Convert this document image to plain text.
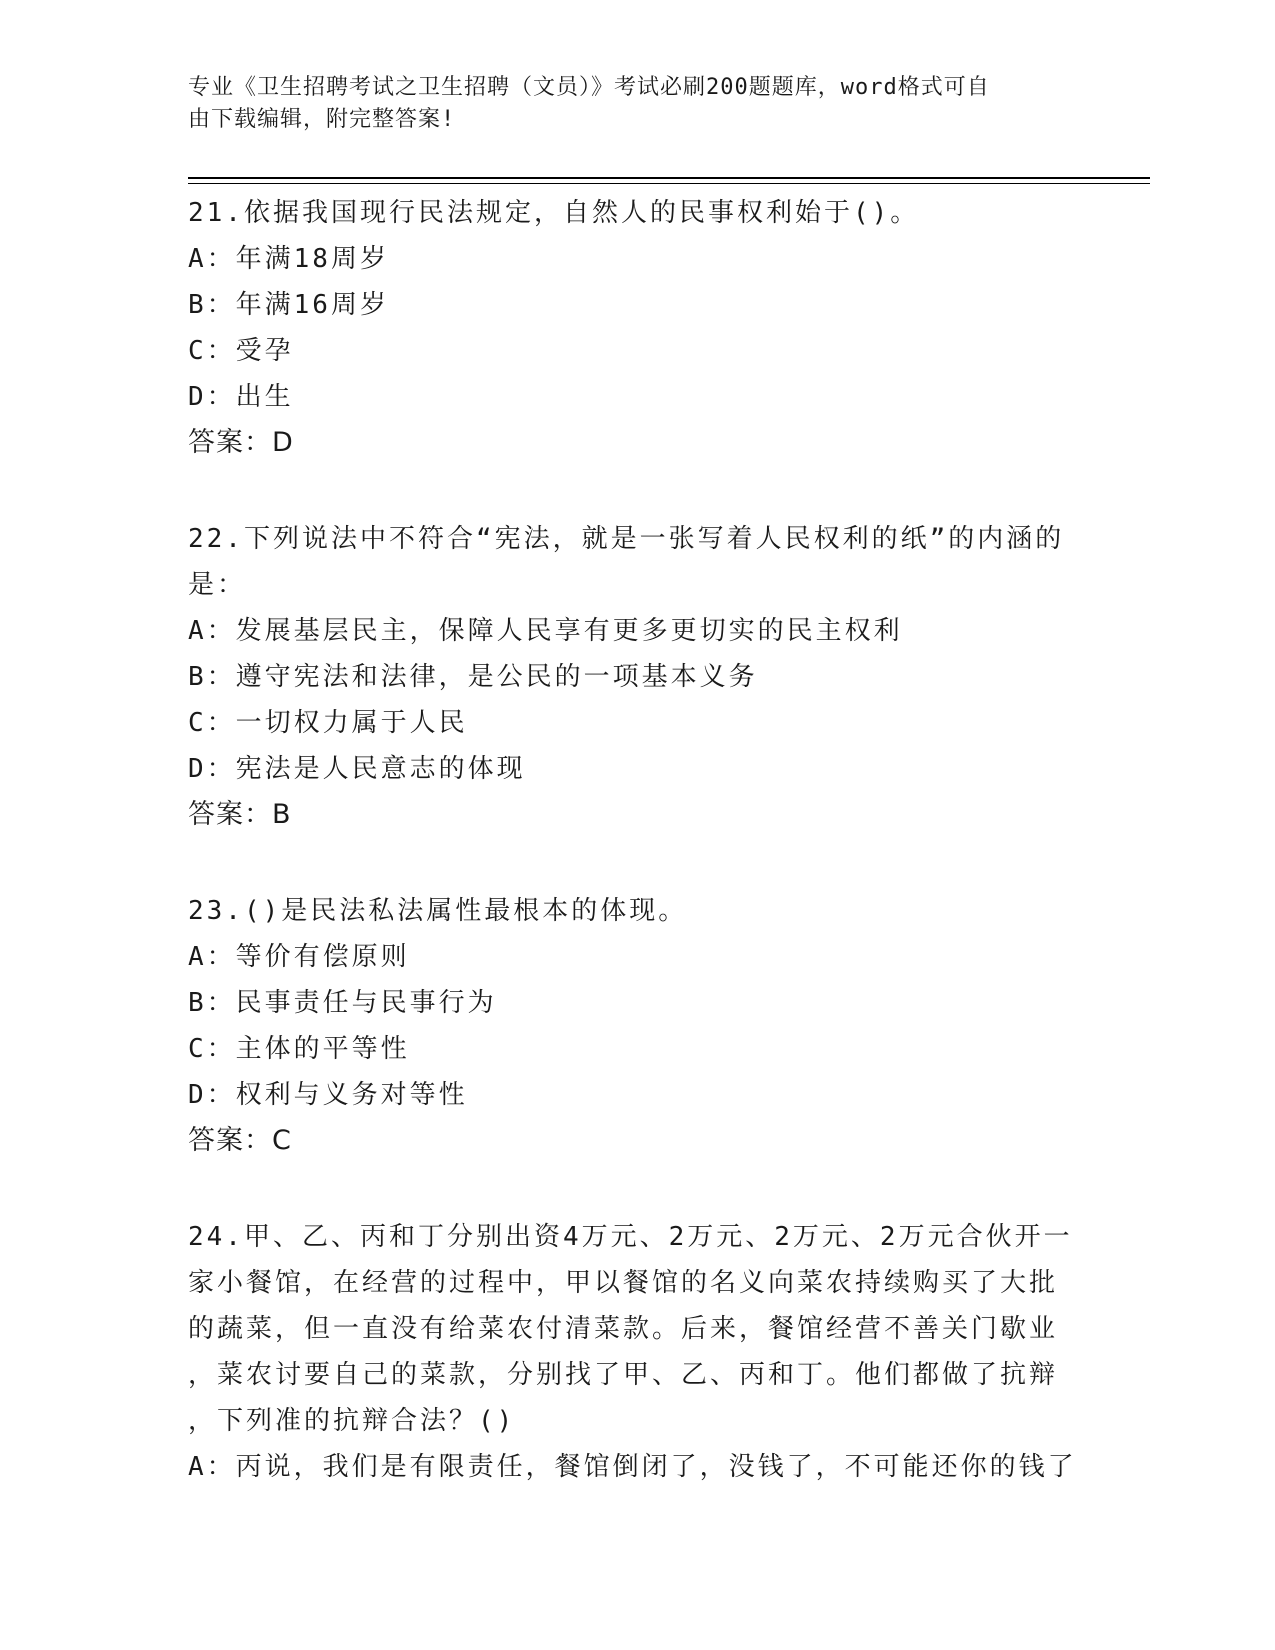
专业《卫生招聘考试之卫生招聘（文员）》考试必刷200题题库，word格式可自
由下载编辑，附完整答案!
21.依据我国现行民法规定，自然人的民事权利始于()。
A：年满18周岁
B：年满16周岁
C：受孕
D：出生
答案：D
22.下列说法中不符合“宪法，就是一张写着人民权利的纸”的内涵的
是：
A：发展基层民主，保障人民享有更多更切实的民主权利
B：遵守宪法和法律，是公民的一项基本义务
C：一切权力属于人民
D：宪法是人民意志的体现
答案：B
23.()是民法私法属性最根本的体现。
A：等价有偿原则
B：民事责任与民事行为
C：主体的平等性
D：权利与义务对等性
答案：C
24.甲、乙、丙和丁分别出资4万元、2万元、2万元、2万元合伙开一
家小餐馆，在经营的过程中，甲以餐馆的名义向菜农持续购买了大批
的蔬菜，但一直没有给菜农付清菜款。后来，餐馆经营不善关门歇业
，菜农讨要自己的菜款，分别找了甲、乙、丙和丁。他们都做了抗辩
，下列准的抗辩合法？()
A：丙说，我们是有限责任，餐馆倒闭了，没钱了，不可能还你的钱了
